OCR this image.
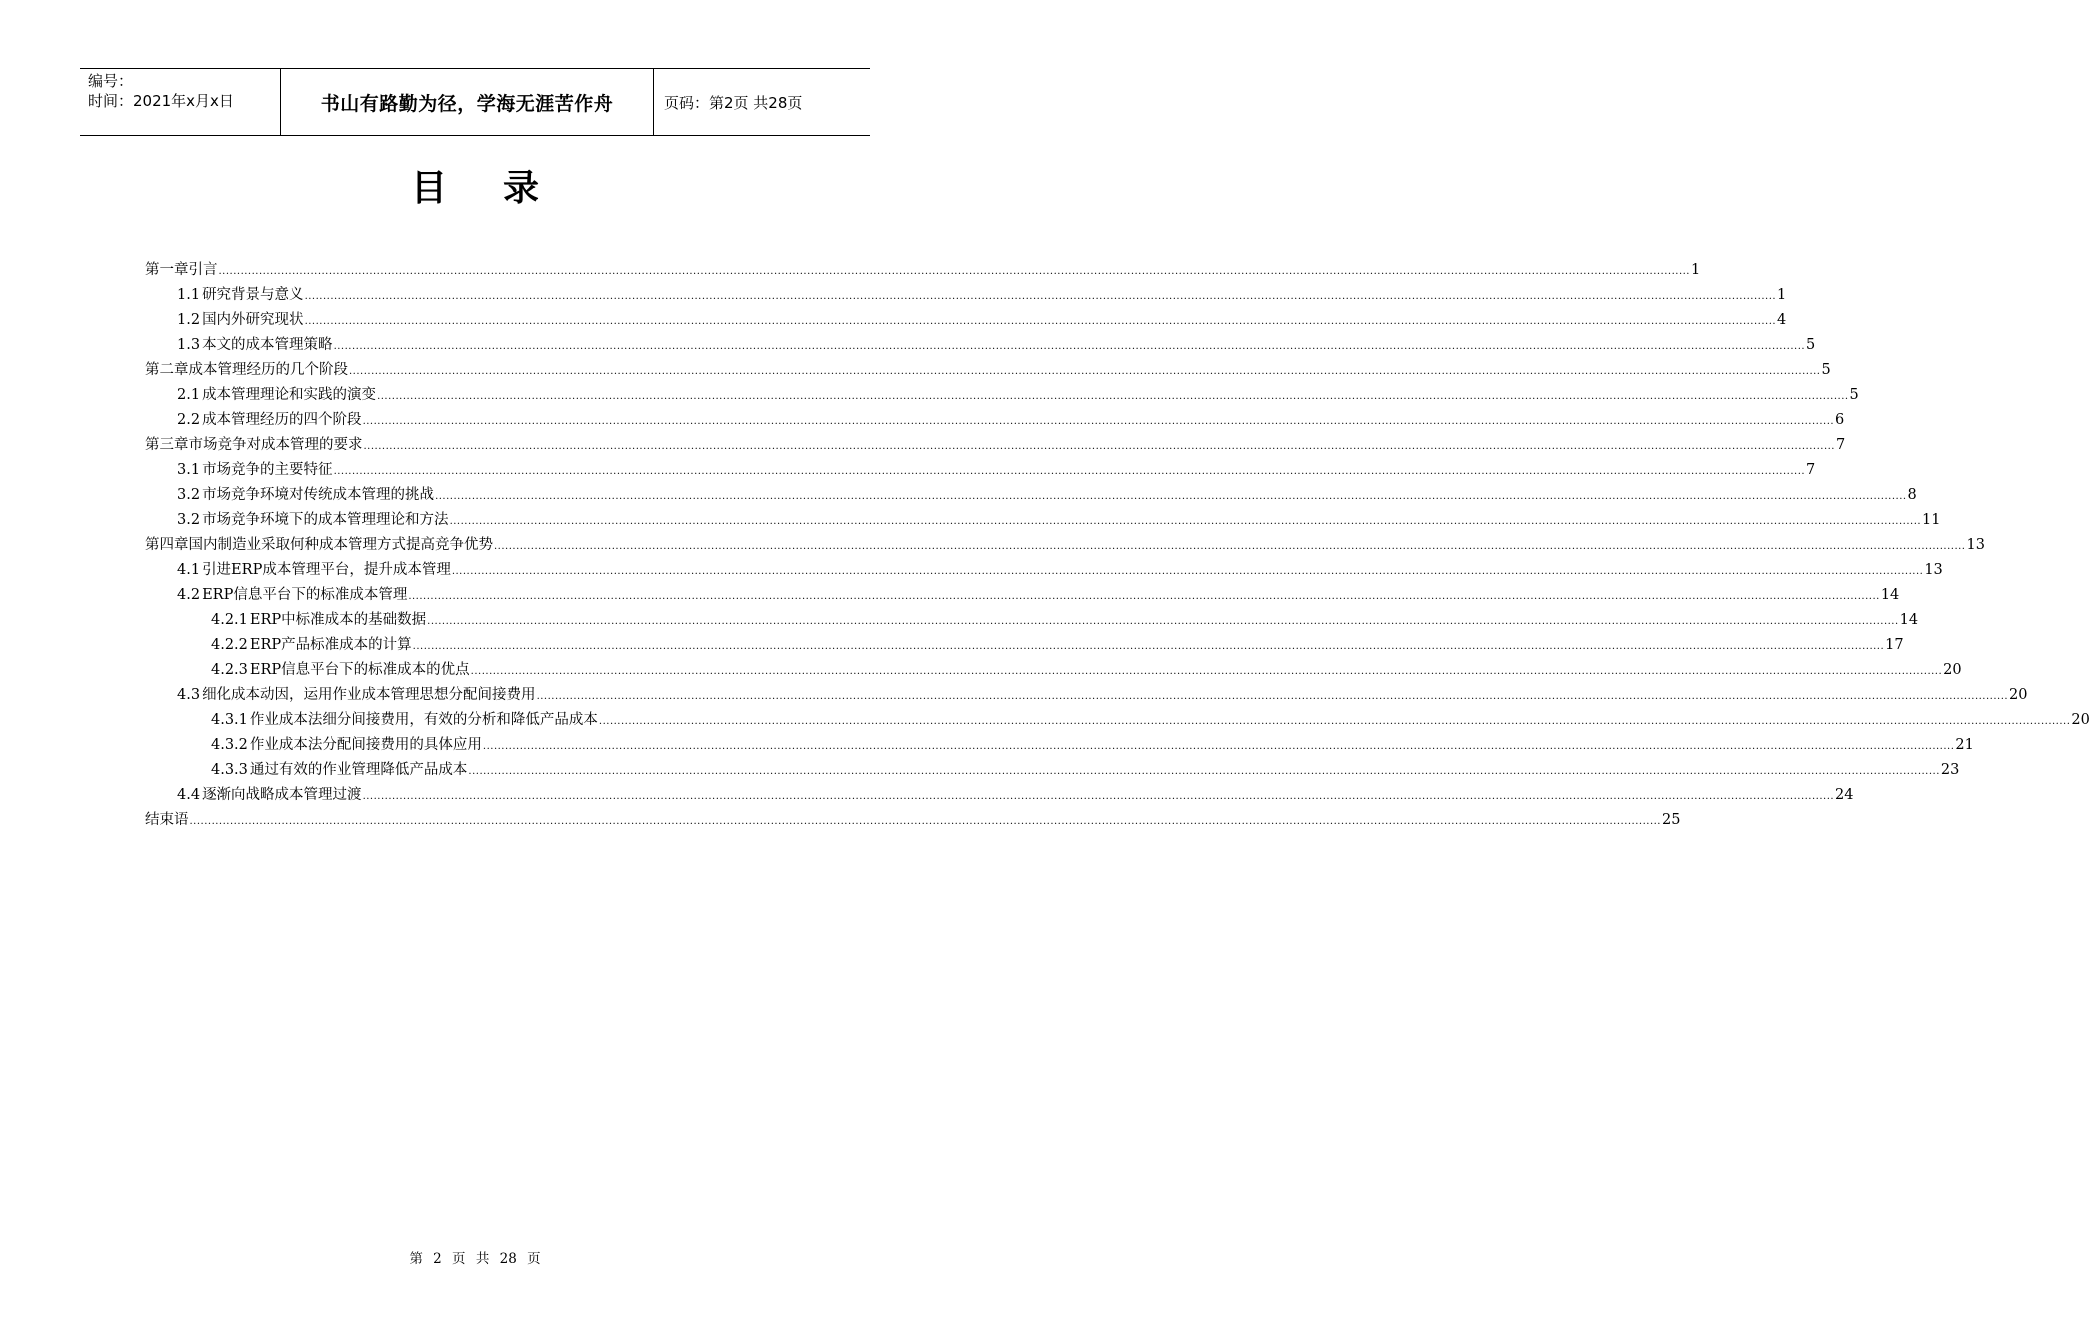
编号：
时间：2021年x月x日	书山有路勤为径，学海无涯苦作舟	页码：第2页 共28页
目录
第一章 引言 ................................................................................................................................................................................................................................................................................................................................................................................................................ 1
1.1 研究背景与意义 ................................................................................................................................................................................................................................................................................................................................................................................................................ 1
1.2 国内外研究现状 ................................................................................................................................................................................................................................................................................................................................................................................................................ 4
1.3 本文的成本管理策略 ................................................................................................................................................................................................................................................................................................................................................................................................................ 5
第二章 成本管理经历的几个阶段 ................................................................................................................................................................................................................................................................................................................................................................................................................ 5
2.1 成本管理理论和实践的演变 ................................................................................................................................................................................................................................................................................................................................................................................................................ 5
2.2 成本管理经历的四个阶段 ................................................................................................................................................................................................................................................................................................................................................................................................................ 6
第三章 市场竞争对成本管理的要求 ................................................................................................................................................................................................................................................................................................................................................................................................................ 7
3.1 市场竞争的主要特征 ................................................................................................................................................................................................................................................................................................................................................................................................................ 7
3.2 市场竞争环境对传统成本管理的挑战 ................................................................................................................................................................................................................................................................................................................................................................................................................ 8
3.2 市场竞争环境下的成本管理理论和方法 ................................................................................................................................................................................................................................................................................................................................................................................................................ 11
第四章 国内制造业采取何种成本管理方式提高竞争优势 ................................................................................................................................................................................................................................................................................................................................................................................................................ 13
4.1 引进ERP成本管理平台，提升成本管理 ................................................................................................................................................................................................................................................................................................................................................................................................................ 13
4.2 ERP信息平台下的标准成本管理 ................................................................................................................................................................................................................................................................................................................................................................................................................ 14
4.2.1 ERP中标准成本的基础数据 ................................................................................................................................................................................................................................................................................................................................................................................................................ 14
4.2.2 ERP产品标准成本的计算 ................................................................................................................................................................................................................................................................................................................................................................................................................ 17
4.2.3 ERP信息平台下的标准成本的优点 ................................................................................................................................................................................................................................................................................................................................................................................................................ 20
4.3 细化成本动因，运用作业成本管理思想分配间接费用 ................................................................................................................................................................................................................................................................................................................................................................................................................ 20
4.3.1 作业成本法细分间接费用，有效的分析和降低产品成本 ................................................................................................................................................................................................................................................................................................................................................................................................................ 20
4.3.2 作业成本法分配间接费用的具体应用 ................................................................................................................................................................................................................................................................................................................................................................................................................ 21
4.3.3 通过有效的作业管理降低产品成本 ................................................................................................................................................................................................................................................................................................................................................................................................................ 23
4.4 逐渐向战略成本管理过渡 ................................................................................................................................................................................................................................................................................................................................................................................................................ 24
结束语 ................................................................................................................................................................................................................................................................................................................................................................................................................ 25
第 2 页 共 28 页
